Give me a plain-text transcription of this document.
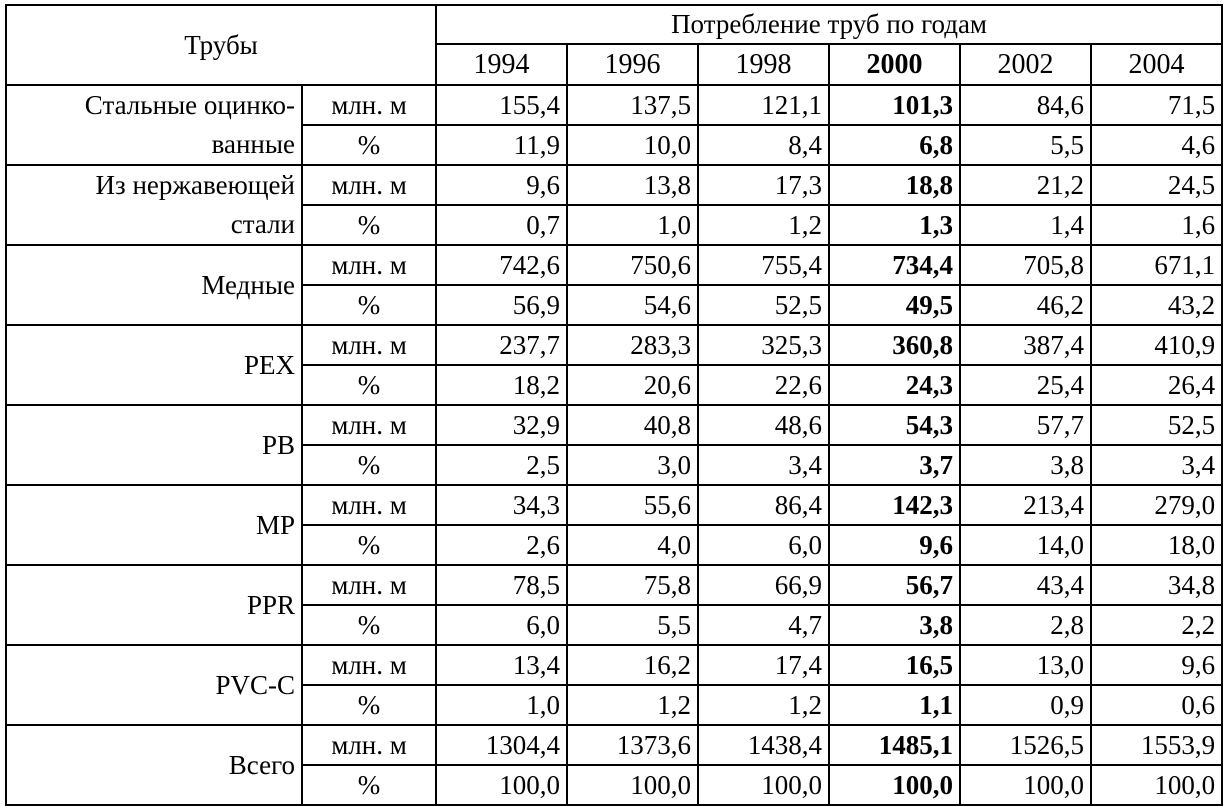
Трубы		Потребление труб по годам					
		1994	1996	1998	2000	2002	2004
Стальные оцинко-	млн. м	155,4	137,5	121,1	101,3	84,6	71,5
ванные	%	11,9	10,0	8,4	6,8	5,5	4,6
Из нержавеющей	млн. м	9,6	13,8	17,3	18,8	21,2	24,5
стали	%	0,7	1,0	1,2	1,3	1,4	1,6
Медные	млн. м	742,6	750,6	755,4	734,4	705,8	671,1
	%	56,9	54,6	52,5	49,5	46,2	43,2
PEX	млн. м	237,7	283,3	325,3	360,8	387,4	410,9
	%	18,2	20,6	22,6	24,3	25,4	26,4
PB	млн. м	32,9	40,8	48,6	54,3	57,7	52,5
	%	2,5	3,0	3,4	3,7	3,8	3,4
MP	млн. м	34,3	55,6	86,4	142,3	213,4	279,0
	%	2,6	4,0	6,0	9,6	14,0	18,0
PPR	млн. м	78,5	75,8	66,9	56,7	43,4	34,8
	%	6,0	5,5	4,7	3,8	2,8	2,2
PVC-C	млн. м	13,4	16,2	17,4	16,5	13,0	9,6
	%	1,0	1,2	1,2	1,1	0,9	0,6
Всего	млн. м	1304,4	1373,6	1438,4	1485,1	1526,5	1553,9
	%	100,0	100,0	100,0	100,0	100,0	100,0
